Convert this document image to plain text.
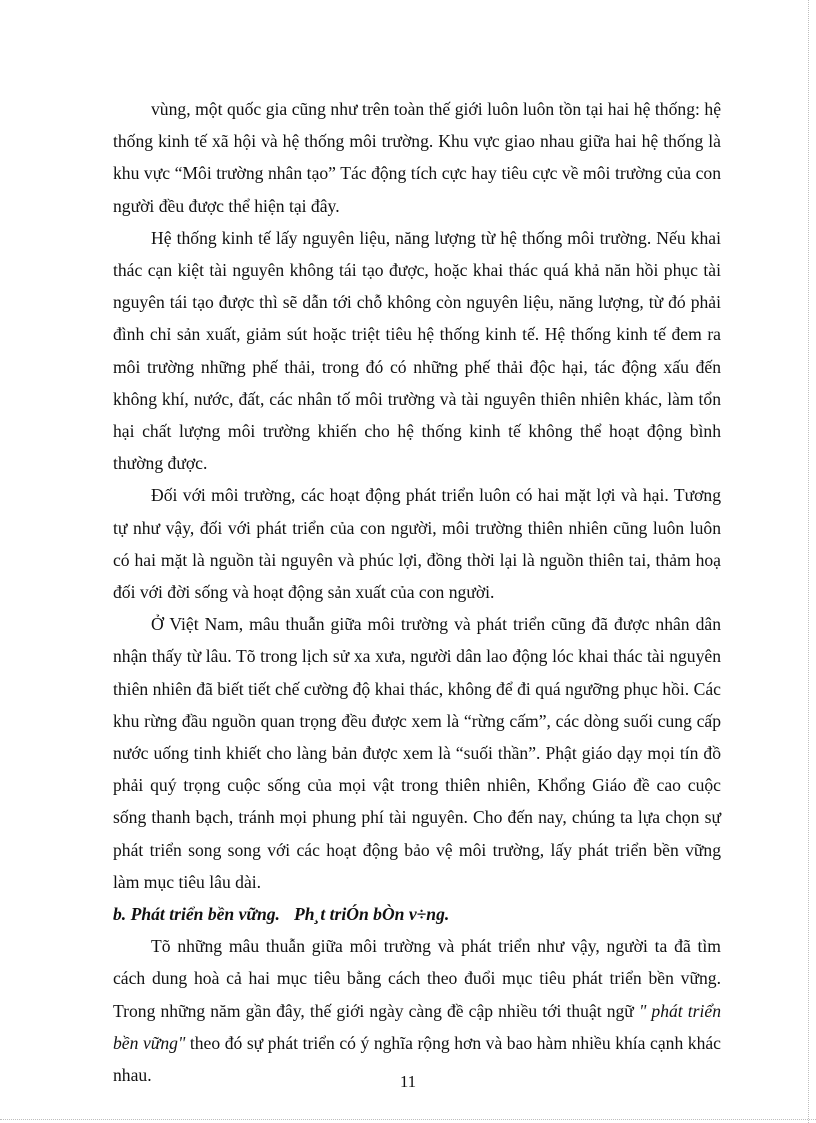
vùng, một quốc gia cũng như trên toàn thế giới luôn luôn tồn tại hai hệ thống: hệ thống kinh tế xã hội và hệ thống môi trường. Khu vực giao nhau giữa hai hệ thống là khu vực “Môi trường nhân tạo” Tác động tích cực hay tiêu cực về môi trường của con người đều được thể hiện tại đây.

Hệ thống kinh tế lấy nguyên liệu, năng lượng từ hệ thống môi trường. Nếu khai thác cạn kiệt tài nguyên không tái tạo được, hoặc khai thác quá khả năn hồi phục tài nguyên tái tạo được thì sẽ dẫn tới chỗ không còn nguyên liệu, năng lượng, từ đó phải đình chỉ sản xuất, giảm sút hoặc triệt tiêu hệ thống kinh tế. Hệ thống kinh tế đem ra môi trường những phế thải, trong đó có những phế thải độc hại, tác động xấu đến không khí, nước, đất, các nhân tố môi trường và tài nguyên thiên nhiên khác, làm tổn hại chất lượng môi trường khiến cho hệ thống kinh tế không thể hoạt động bình thường được.

Đối với môi trường, các hoạt động phát triển luôn có hai mặt lợi và hại. Tương tự như vậy, đối với phát triển của con người, môi trường thiên nhiên cũng luôn luôn có hai mặt là nguồn tài nguyên và phúc lợi, đồng thời lại là nguồn thiên tai, thảm hoạ đối với đời sống và hoạt động sản xuất của con người.

Ở Việt Nam, mâu thuẫn giữa môi trường và phát triển cũng đã được nhân dân nhận thấy từ lâu. Tõ trong lịch sử xa xưa, người dân lao động lóc khai thác tài nguyên thiên nhiên đã biết tiết chế cường độ khai thác, không để đi quá ngưỡng phục hồi. Các khu rừng đầu nguồn quan trọng đều được xem là “rừng cấm”, các dòng suối cung cấp nước uống tinh khiết cho làng bản được xem là “suối thần”. Phật giáo dạy mọi tín đồ phải quý trọng cuộc sống của mọi vật trong thiên nhiên, Khổng Giáo đề cao cuộc sống thanh bạch, tránh mọi phung phí tài nguyên. Cho đến nay, chúng ta lựa chọn sự phát triển song song với các hoạt động bảo vệ môi trường, lấy phát triển bền vững làm mục tiêu lâu dài.

b. Phát triển bền vững. Ph¸t triÓn bÒn v÷ng.

Tõ những mâu thuẫn giữa môi trường và phát triển như vậy, người ta đã tìm cách dung hoà cả hai mục tiêu bằng cách theo đuổi mục tiêu phát triển bền vững. Trong những năm gần đây, thế giới ngày càng đề cập nhiều tới thuật ngữ " phát triển bền vững" theo đó sự phát triển có ý nghĩa rộng hơn và bao hàm nhiều khía cạnh khác nhau.	11
